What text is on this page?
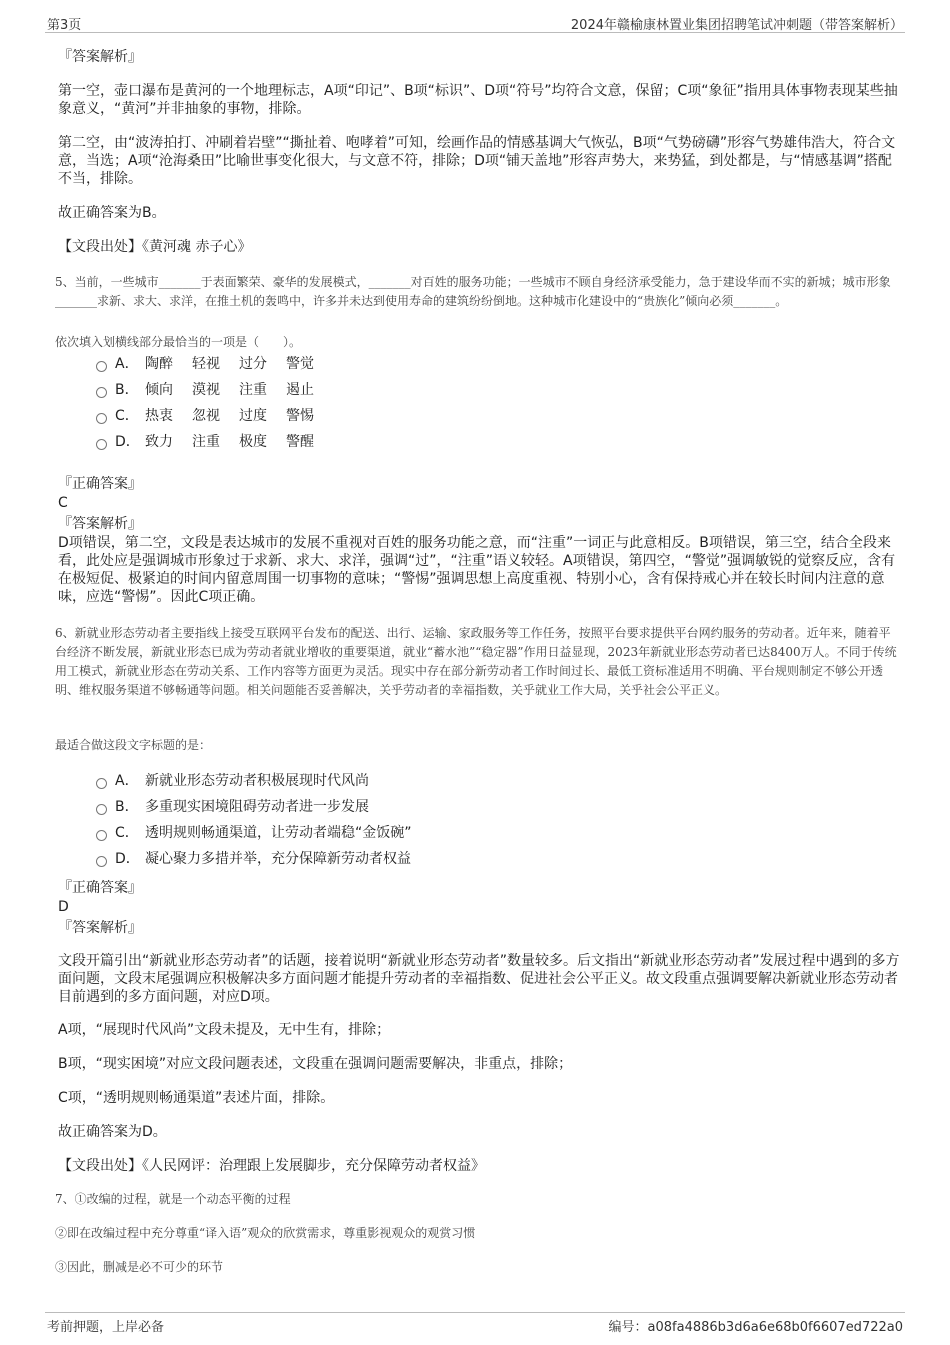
第3页	2024年赣榆康林置业集团招聘笔试冲刺题（带答案解析）

『答案解析』

第一空，壶口瀑布是黄河的一个地理标志，A项“印记”、B项“标识”、D项“符号”均符合文意，保留；C项“象征”指用具体事物表现某些抽象意义，“黄河”并非抽象的事物，排除。

第二空，由“波涛拍打、冲刷着岩壁”“撕扯着、咆哮着”可知，绘画作品的情感基调大气恢弘，B项“气势磅礴”形容气势雄伟浩大，符合文意，当选；A项“沧海桑田”比喻世事变化很大，与文意不符，排除；D项“铺天盖地”形容声势大，来势猛，到处都是，与“情感基调”搭配不当，排除。

故正确答案为B。

【文段出处】《黄河魂 赤子心》

5、当前，一些城市_______于表面繁荣、豪华的发展模式，_______对百姓的服务功能；一些城市不顾自身经济承受能力，急于建设华而不实的新城；城市形象_______求新、求大、求洋，在推土机的轰鸣中，许多并未达到使用寿命的建筑纷纷倒地。这种城市化建设中的“贵族化”倾向必须_______。

依次填入划横线部分最恰当的一项是（　　）。

A． 陶醉 轻视 过分 警觉
B． 倾向 漠视 注重 遏止
C． 热衷 忽视 过度 警惕
D． 致力 注重 极度 警醒

『正确答案』

C

『答案解析』

D项错误，第二空，文段是表达城市的发展不重视对百姓的服务功能之意，而“注重”一词正与此意相反。B项错误，第三空，结合全段来看，此处应是强调城市形象过于求新、求大、求洋，强调“过”，“注重”语义较轻。A项错误，第四空，“警觉”强调敏锐的觉察反应，含有在极短促、极紧迫的时间内留意周围一切事物的意味；“警惕”强调思想上高度重视、特别小心，含有保持戒心并在较长时间内注意的意味，应选“警惕”。因此C项正确。

6、新就业形态劳动者主要指线上接受互联网平台发布的配送、出行、运输、家政服务等工作任务，按照平台要求提供平台网约服务的劳动者。近年来，随着平台经济不断发展，新就业形态已成为劳动者就业增收的重要渠道，就业“蓄水池”“稳定器”作用日益显现，2023年新就业形态劳动者已达8400万人。不同于传统用工模式，新就业形态在劳动关系、工作内容等方面更为灵活。现实中存在部分新劳动者工作时间过长、最低工资标准适用不明确、平台规则制定不够公开透明、维权服务渠道不够畅通等问题。相关问题能否妥善解决，关乎劳动者的幸福指数，关乎就业工作大局，关乎社会公平正义。

最适合做这段文字标题的是：

A． 新就业形态劳动者积极展现时代风尚
B． 多重现实困境阻碍劳动者进一步发展
C． 透明规则畅通渠道，让劳动者端稳“金饭碗”
D． 凝心聚力多措并举，充分保障新劳动者权益

『正确答案』

D

『答案解析』

文段开篇引出“新就业形态劳动者”的话题，接着说明“新就业形态劳动者”数量较多。后文指出“新就业形态劳动者”发展过程中遇到的多方面问题，文段末尾强调应积极解决多方面问题才能提升劳动者的幸福指数、促进社会公平正义。故文段重点强调要解决新就业形态劳动者目前遇到的多方面问题，对应D项。

A项，“展现时代风尚”文段未提及，无中生有，排除；

B项，“现实困境”对应文段问题表述，文段重在强调问题需要解决，非重点，排除；

C项，“透明规则畅通渠道”表述片面，排除。

故正确答案为D。

【文段出处】《人民网评：治理跟上发展脚步，充分保障劳动者权益》

7、①改编的过程，就是一个动态平衡的过程

②即在改编过程中充分尊重“译入语”观众的欣赏需求，尊重影视观众的观赏习惯

③因此，删减是必不可少的环节

考前押题，上岸必备	编号：a08fa4886b3d6a6e68b0f6607ed722a0
